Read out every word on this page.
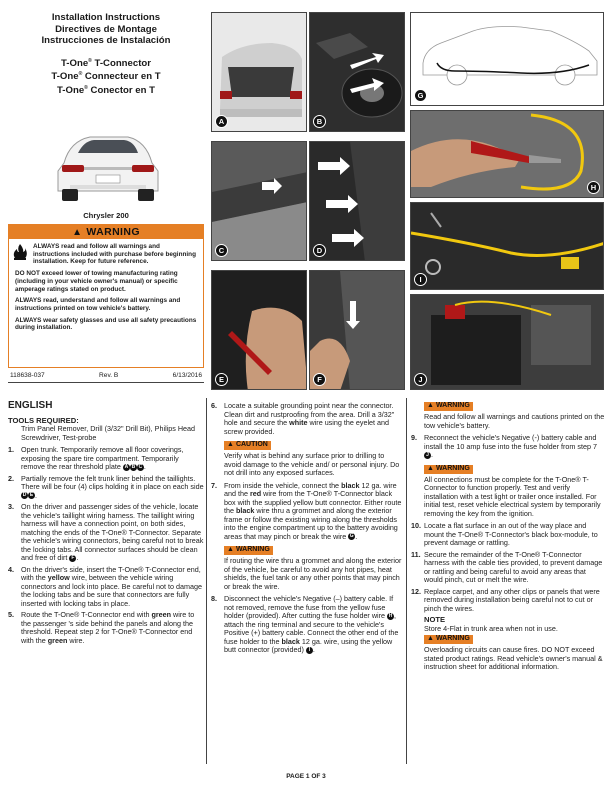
Installation Instructions
Directives de Montage
Instrucciones de Instalación
T-One® T-Connector
T-One® Connecteur en T
T-One® Conector en T
Chrysler 200
▲ WARNING

ALWAYS read and follow all warnings and instructions included with purchase before beginning installation. Keep for future reference.

DO NOT exceed lower of towing manufacturing rating (including in your vehicle owner's manual) or specific amperage ratings stated on product.

ALWAYS read, understand and follow all warnings and instructions printed on tow vehicle's battery.

ALWAYS wear safety glasses and use all safety precautions during installation.

118638-037	Rev. B	6/13/2016
A	B
C	D
E	F
G
H
I
J
ENGLISH
TOOLS REQUIRED:
Trim Panel Remover, Drill (3/32" Drill Bit), Philips Head Screwdriver, Test-probe
1. Open trunk. Temporarily remove all floor coverings, exposing the spare tire compartment. Temporarily remove the rear threshold plate A B C .
2. Partially remove the felt trunk liner behind the taillights. There will be four (4) clips holding it in place on each side D E .
3. On the driver and passenger sides of the vehicle, locate the vehicle's taillight wiring harness. The taillight wiring harness will have a connection point, on both sides, matching the ends of the T-One® T-Connector. Separate the vehicle's wiring connectors, being careful not to break the locking tabs. All connector surfaces should be clean and free of dirt F .
4. On the driver's side, insert the T-One® T-Connector end, with the yellow wire, between the vehicle wiring connectors and lock into place. Be careful not to damage the locking tabs and be sure that connectors are fully inserted with locking tabs in place.
5. Route the T-One® T-Connector end with green wire to the passenger 's side behind the panels and along the threshold. Repeat step 2 for T-One® T-Connector end with the green wire.
6. Locate a suitable grounding point near the connector. Clean dirt and rustproofing from the area. Drill a 3/32" hole and secure the white wire using the eyelet and screw provided.
▲ CAUTION
Verify what is behind any surface prior to drilling to avoid damage to the vehicle and/ or personal injury. Do not drill into any exposed surfaces.
7. From inside the vehicle, connect the black 12 ga. wire and the red wire from the T-One® T-Connector black box with the supplied yellow butt connector. Either route the black wire thru a grommet and along the exterior frame or follow the existing wiring along the thresholds into the engine compartment up to the battery avoiding areas that may pinch or break the wire G .
▲ WARNING
If routing the wire thru a grommet and along the exterior of the vehicle, be careful to avoid any hot pipes, heat shields, the fuel tank or any other points that may pinch or break the wire.
8. Disconnect the vehicle's Negative (–) battery cable. If not removed, remove the fuse from the yellow fuse holder (provided). After cutting the fuse holder wire H , attach the ring terminal and secure to the vehicle's Positive (+) battery cable. Connect the other end of the fuse holder to the black 12 ga. wire, using the yellow butt connector (provided) I .
▲ WARNING
Read and follow all warnings and cautions printed on the tow vehicle's battery.
9. Reconnect the vehicle's Negative (-) battery cable and install the 10 amp fuse into the fuse holder from step 7 J .
▲ WARNING
All connections must be complete for the T-One® T-Connector to function properly. Test and verify installation with a test light or trailer once installed. For initial test, reset vehicle electrical system by temporarily removing the key from the ignition.
10. Locate a flat surface in an out of the way place and mount the T-One® T-Connector's black box-module, to prevent damage or rattling.
11. Secure the remainder of the T-One® T-Connector harness with the cable ties provided, to prevent damage or rattling and being careful to avoid any areas that would pinch, cut or melt the wire.
12. Replace carpet, and any other clips or panels that were removed during installation being careful not to cut or pinch the wires.
NOTE
Store 4-Flat in trunk area when not in use.
▲ WARNING
Overloading circuits can cause fires. DO NOT exceed stated product ratings. Read vehicle's owner's manual & instruction sheet for additional information.
PAGE 1 OF 3
